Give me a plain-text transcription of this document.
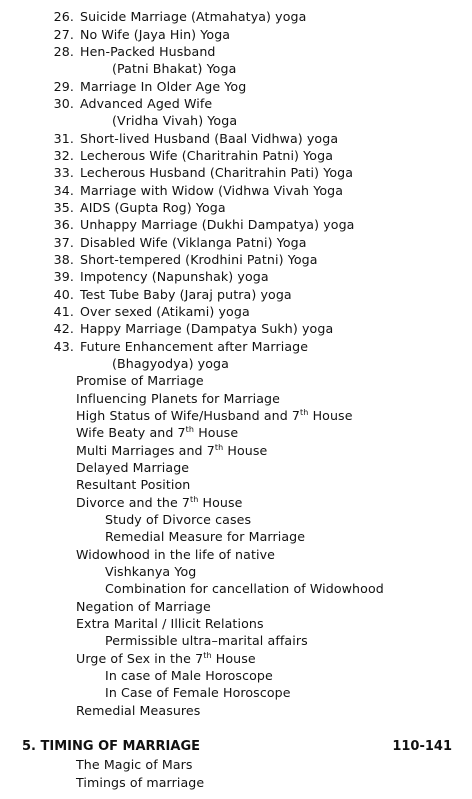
26. Suicide Marriage (Atmahatya) yoga
27. No Wife (Jaya Hin) Yoga
28. Hen-Packed Husband
(Patni Bhakat) Yoga
29. Marriage In Older Age Yog
30. Advanced Aged Wife
(Vridha Vivah) Yoga
31. Short-lived Husband (Baal Vidhwa) yoga
32. Lecherous Wife (Charitrahin Patni) Yoga
33. Lecherous Husband (Charitrahin Pati) Yoga
34. Marriage with Widow (Vidhwa Vivah Yoga
35. AIDS (Gupta Rog) Yoga
36. Unhappy Marriage (Dukhi Dampatya) yoga
37. Disabled Wife (Viklanga Patni) Yoga
38. Short-tempered (Krodhini Patni) Yoga
39. Impotency (Napunshak) yoga
40. Test Tube Baby (Jaraj putra) yoga
41. Over sexed (Atikami) yoga
42. Happy Marriage (Dampatya Sukh) yoga
43. Future Enhancement after Marriage
(Bhagyodya) yoga
Promise of Marriage
Influencing Planets for Marriage
High Status of Wife/Husband and 7th House
Wife Beaty and 7th House
Multi Marriages and 7th House
Delayed Marriage
Resultant Position
Divorce and the 7th House
Study of Divorce cases
Remedial Measure for Marriage
Widowhood in the life of native
Vishkanya Yog
Combination for cancellation of Widowhood
Negation of Marriage
Extra Marital / Illicit Relations
Permissible ultra–marital affairs
Urge of Sex in the 7th House
In case of Male Horoscope
In Case of Female Horoscope
Remedial Measures
5. TIMING OF MARRIAGE	110-141
The Magic of Mars
Timings of marriage
